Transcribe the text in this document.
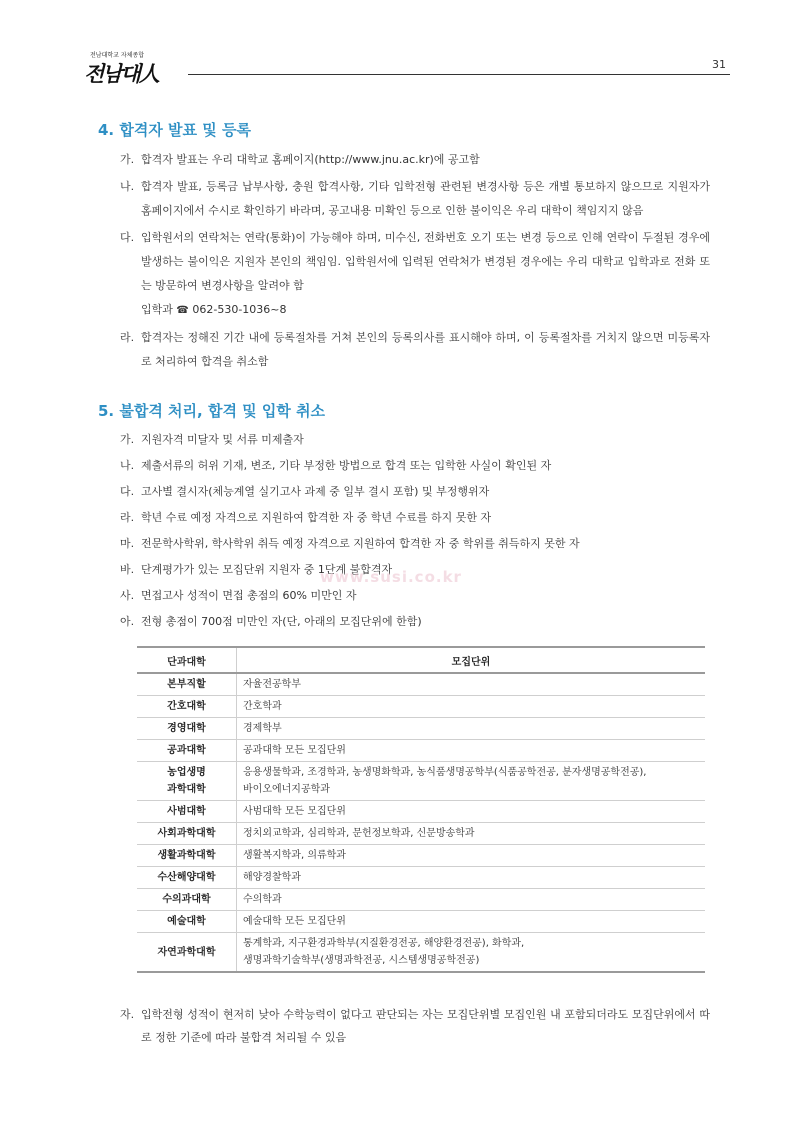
전남대학교 자체종합
전남대人	31
4. 합격자 발표 및 등록
가. 합격자 발표는 우리 대학교 홈페이지(http://www.jnu.ac.kr)에 공고함
나. 합격자 발표, 등록금 납부사항, 충원 합격사항, 기타 입학전형 관련된 변경사항 등은 개별 통보하지 않으므로 지원자가 홈페이지에서 수시로 확인하기 바라며, 공고내용 미확인 등으로 인한 불이익은 우리 대학이 책임지지 않음
다. 입학원서의 연락처는 연락(통화)이 가능해야 하며, 미수신, 전화번호 오기 또는 변경 등으로 인해 연락이 두절된 경우에 발생하는 불이익은 지원자 본인의 책임임. 입학원서에 입력된 연락처가 변경된 경우에는 우리 대학교 입학과로 전화 또는 방문하여 변경사항을 알려야 함
입학과 ☎ 062-530-1036~8
라. 합격자는 정해진 기간 내에 등록절차를 거쳐 본인의 등록의사를 표시해야 하며, 이 등록절차를 거치지 않으면 미등록자로 처리하여 합격을 취소함
5. 불합격 처리, 합격 및 입학 취소
가. 지원자격 미달자 및 서류 미제출자
나. 제출서류의 허위 기재, 변조, 기타 부정한 방법으로 합격 또는 입학한 사실이 확인된 자
다. 고사별 결시자(체능계열 실기고사 과제 중 일부 결시 포함) 및 부정행위자
라. 학년 수료 예정 자격으로 지원하여 합격한 자 중 학년 수료를 하지 못한 자
마. 전문학사학위, 학사학위 취득 예정 자격으로 지원하여 합격한 자 중 학위를 취득하지 못한 자
바. 단계평가가 있는 모집단위 지원자 중 1단계 불합격자
사. 면접고사 성적이 면접 총점의 60% 미만인 자
아. 전형 총점이 700점 미만인 자(단, 아래의 모집단위에 한함)
www.susi.co.kr
단과대학	모집단위
본부직할	자율전공학부
간호대학	간호학과
경영대학	경제학부
공과대학	공과대학 모든 모집단위
농업생명
과학대학	응용생물학과, 조경학과, 농생명화학과, 농식품생명공학부(식품공학전공, 분자생명공학전공),
바이오에너지공학과
사범대학	사범대학 모든 모집단위
사회과학대학	정치외교학과, 심리학과, 문헌정보학과, 신문방송학과
생활과학대학	생활복지학과, 의류학과
수산해양대학	해양경찰학과
수의과대학	수의학과
예술대학	예술대학 모든 모집단위
자연과학대학	통계학과, 지구환경과학부(지질환경전공, 해양환경전공), 화학과,
생명과학기술학부(생명과학전공, 시스템생명공학전공)
자. 입학전형 성적이 현저히 낮아 수학능력이 없다고 판단되는 자는 모집단위별 모집인원 내 포함되더라도 모집단위에서 따로 정한 기준에 따라 불합격 처리될 수 있음
